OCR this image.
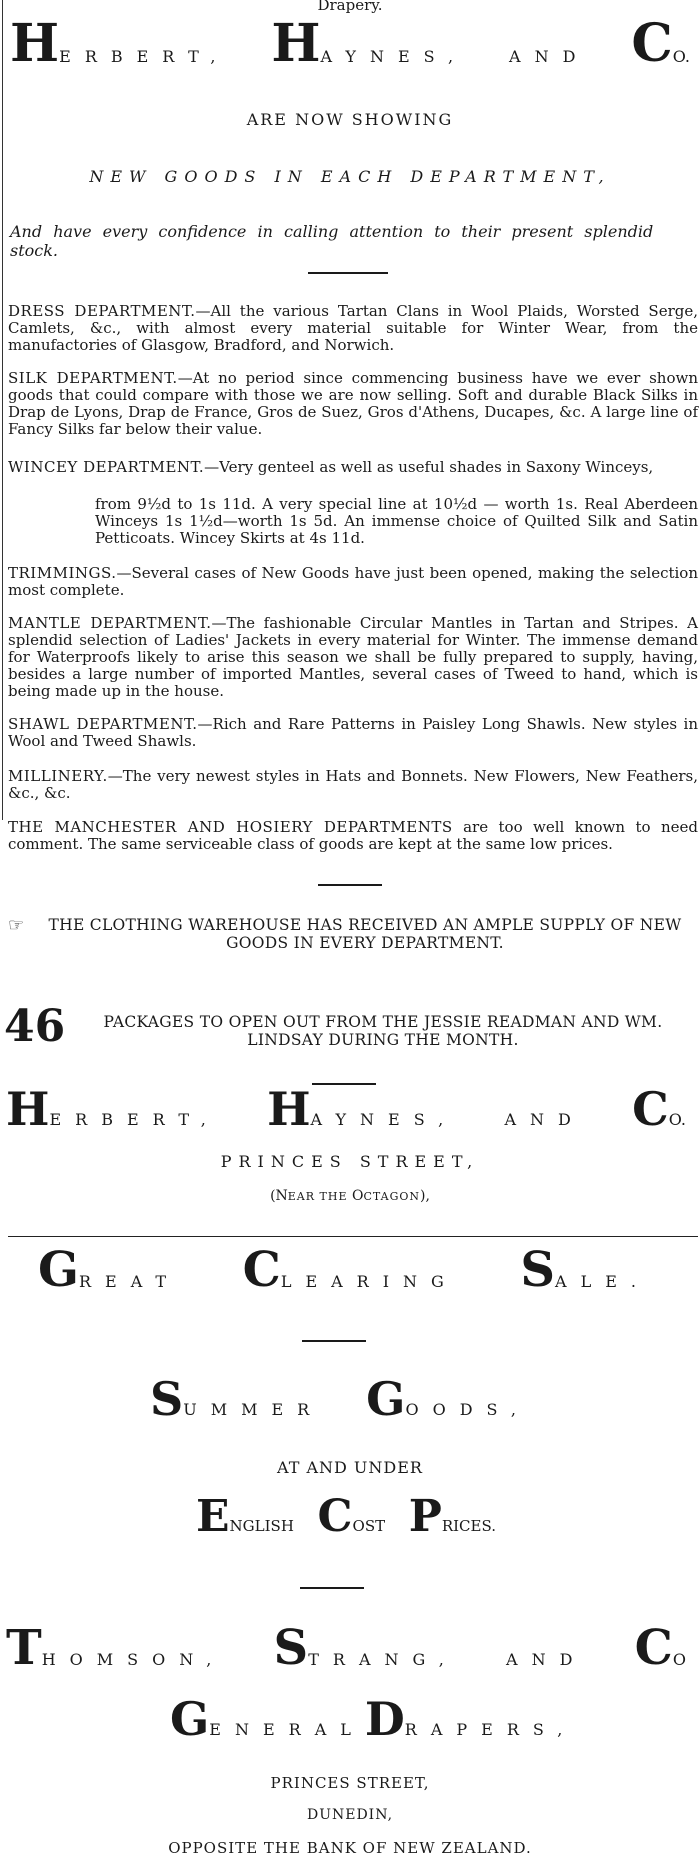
Drapery.
H ERBERT, H AYNES,	AND C O.
ARE NOW SHOWING
NEW GOODS IN EACH DEPARTMENT,
And have every confidence in calling attention to their present splendid stock.

DRESS DEPARTMENT.—All the various Tartan Clans in Wool Plaids, Worsted Serge, Camlets, &c., with almost every material suitable for Winter Wear, from the manufactories of Glasgow, Bradford, and Norwich.

SILK DEPARTMENT.—At no period since commencing business have we ever shown goods that could compare with those we are now selling. Soft and durable Black Silks in Drap de Lyons, Drap de France, Gros de Suez, Gros d'Athens, Ducapes, &c. A large line of Fancy Silks far below their value.

WINCEY DEPARTMENT.—Very genteel as well as useful shades in Saxony Winceys,

from 9½d to 1s 11d. A very special line at 10½d — worth 1s. Real Aberdeen Winceys 1s 1½d—worth 1s 5d. An immense choice of Quilted Silk and Satin Petticoats. Wincey Skirts at 4s 11d.

TRIMMINGS.—Several cases of New Goods have just been opened, making the selection most complete.

MANTLE DEPARTMENT.—The fashionable Circular Mantles in Tartan and Stripes. A splendid selection of Ladies' Jackets in every material for Winter. The immense demand for Waterproofs likely to arise this season we shall be fully prepared to supply, having, besides a large number of imported Mantles, several cases of Tweed to hand, which is being made up in the house.

SHAWL DEPARTMENT.—Rich and Rare Patterns in Paisley Long Shawls. New styles in Wool and Tweed Shawls.

MILLINERY.—The very newest styles in Hats and Bonnets. New Flowers, New Feathers, &c., &c.

THE MANCHESTER AND HOSIERY DEPARTMENTS are too well known to need comment. The same serviceable class of goods are kept at the same low prices.

☞	THE CLOTHING WAREHOUSE HAS RECEIVED AN AMPLE SUPPLY OF NEW GOODS IN EVERY DEPARTMENT.
46	PACKAGES TO OPEN OUT FROM THE JESSIE READMAN AND WM. LINDSAY DURING THE MONTH.
H ERBERT, H AYNES,	AND C O.
PRINCES STREET,
(NEAR THE OCTAGON),
G REAT C LEARING S ALE.
S UMMER G OODS,
AT AND UNDER
E NGLISH C OST P RICES.
T HOMSON, S TRANG,	AND C O
G ENERAL D RAPERS,
PRINCES STREET,
DUNEDIN,
OPPOSITE THE BANK OF NEW ZEALAND.
